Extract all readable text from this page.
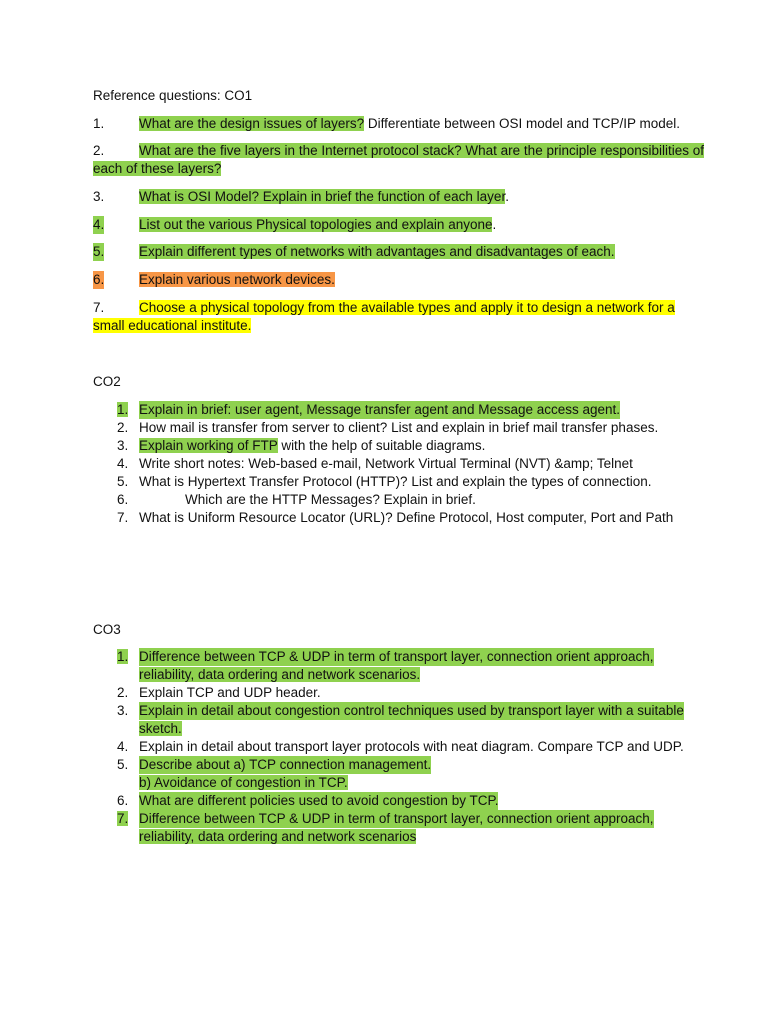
Reference questions: CO1
1.	What are the design issues of layers? Differentiate between OSI model and TCP/IP model.
2.	What are the five layers in the Internet protocol stack? What are the principle responsibilities of
each of these layers?
3.	What is OSI Model? Explain in brief the function of each layer.
4.	List out the various Physical topologies and explain anyone.
5.	Explain different types of networks with advantages and disadvantages of each.
6.	Explain various network devices.
7.	Choose a physical topology from the available types and apply it to design a network for a
small educational institute.
CO2
1. Explain in brief: user agent, Message transfer agent and Message access agent.
2. How mail is transfer from server to client? List and explain in brief mail transfer phases.
3. Explain working of FTP with the help of suitable diagrams.
4. Write short notes: Web-based e-mail, Network Virtual Terminal (NVT) &amp; Telnet
5. What is Hypertext Transfer Protocol (HTTP)? List and explain the types of connection.
6.	Which are the HTTP Messages? Explain in brief.
7. What is Uniform Resource Locator (URL)? Define Protocol, Host computer, Port and Path
CO3
1. Difference between TCP & UDP in term of transport layer, connection orient approach,
reliability, data ordering and network scenarios.
2. Explain TCP and UDP header.
3. Explain in detail about congestion control techniques used by transport layer with a suitable
sketch.
4. Explain in detail about transport layer protocols with neat diagram. Compare TCP and UDP.
5. Describe about a) TCP connection management.
b) Avoidance of congestion in TCP.
6. What are different policies used to avoid congestion by TCP.
7. Difference between TCP & UDP in term of transport layer, connection orient approach,
reliability, data ordering and network scenarios
